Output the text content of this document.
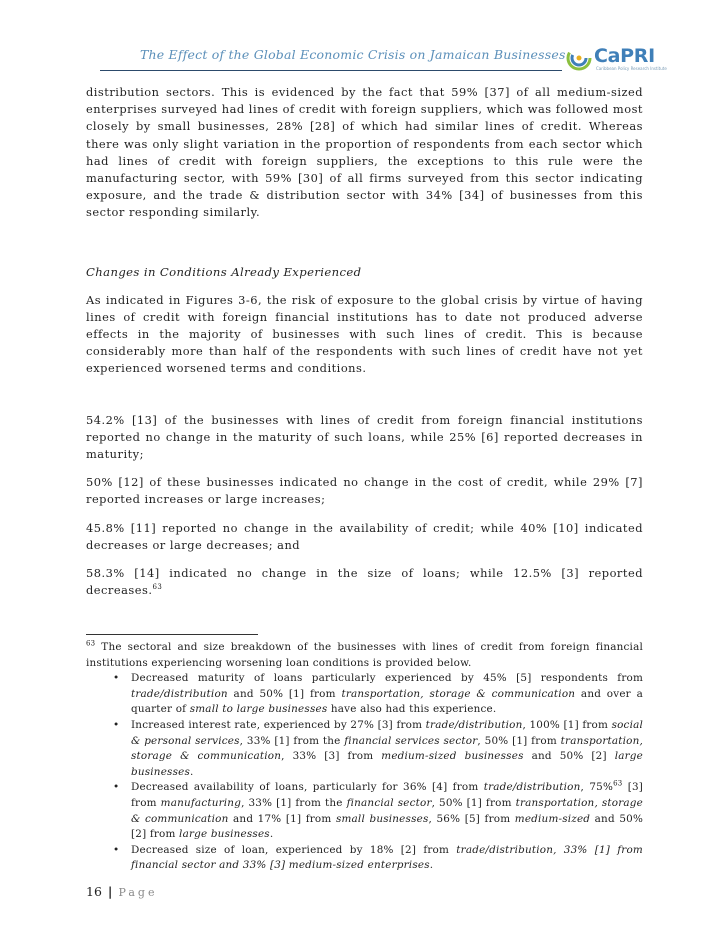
The Effect of the Global Economic Crisis on Jamaican Businesses CaPRI
Caribbean Policy Research Institute

distribution sectors. This is evidenced by the fact that 59% [37] of all medium-sized enterprises surveyed had lines of credit with foreign suppliers, which was followed most closely by small businesses, 28% [28] of which had similar lines of credit. Whereas there was only slight variation in the proportion of respondents from each sector which had lines of credit with foreign suppliers, the exceptions to this rule were the manufacturing sector, with 59% [30] of all firms surveyed from this sector indicating exposure, and the trade & distribution sector with 34% [34] of businesses from this sector responding similarly.

Changes in Conditions Already Experienced

As indicated in Figures 3-6, the risk of exposure to the global crisis by virtue of having lines of credit with foreign financial institutions has to date not produced adverse effects in the majority of businesses with such lines of credit. This is because considerably more than half of the respondents with such lines of credit have not yet experienced worsened terms and conditions.

54.2% [13] of the businesses with lines of credit from foreign financial institutions reported no change in the maturity of such loans, while 25% [6] reported decreases in maturity;

50% [12] of these businesses indicated no change in the cost of credit, while 29% [7] reported increases or large increases;

45.8% [11] reported no change in the availability of credit; while 40% [10] indicated decreases or large decreases; and

58.3% [14] indicated no change in the size of loans; while 12.5% [3] reported decreases.$^{63}$

$^{63}$ The sectoral and size breakdown of the businesses with lines of credit from foreign financial institutions experiencing worsening loan conditions is provided below.

• Decreased maturity of loans particularly experienced by 45% [5] respondents from trade/distribution and 50% [1] from transportation, storage & communication and over a quarter of small to large businesses have also had this experience.
• Increased interest rate, experienced by 27% [3] from trade/distribution, 100% [1] from social & personal services, 33% [1] from the financial services sector, 50% [1] from transportation, storage & communication, 33% [3] from medium-sized businesses and 50% [2] large businesses.
• Decreased availability of loans, particularly for 36% [4] from trade/distribution, 75%$^{63}$ [3] from manufacturing, 33% [1] from the financial sector, 50% [1] from transportation, storage & communication and 17% [1] from small businesses, 56% [5] from medium-sized and 50% [2] from large businesses.
• Decreased size of loan, experienced by 18% [2] from trade/distribution, 33% [1] from financial sector and 33% [3] medium-sized enterprises.
16 | Page
